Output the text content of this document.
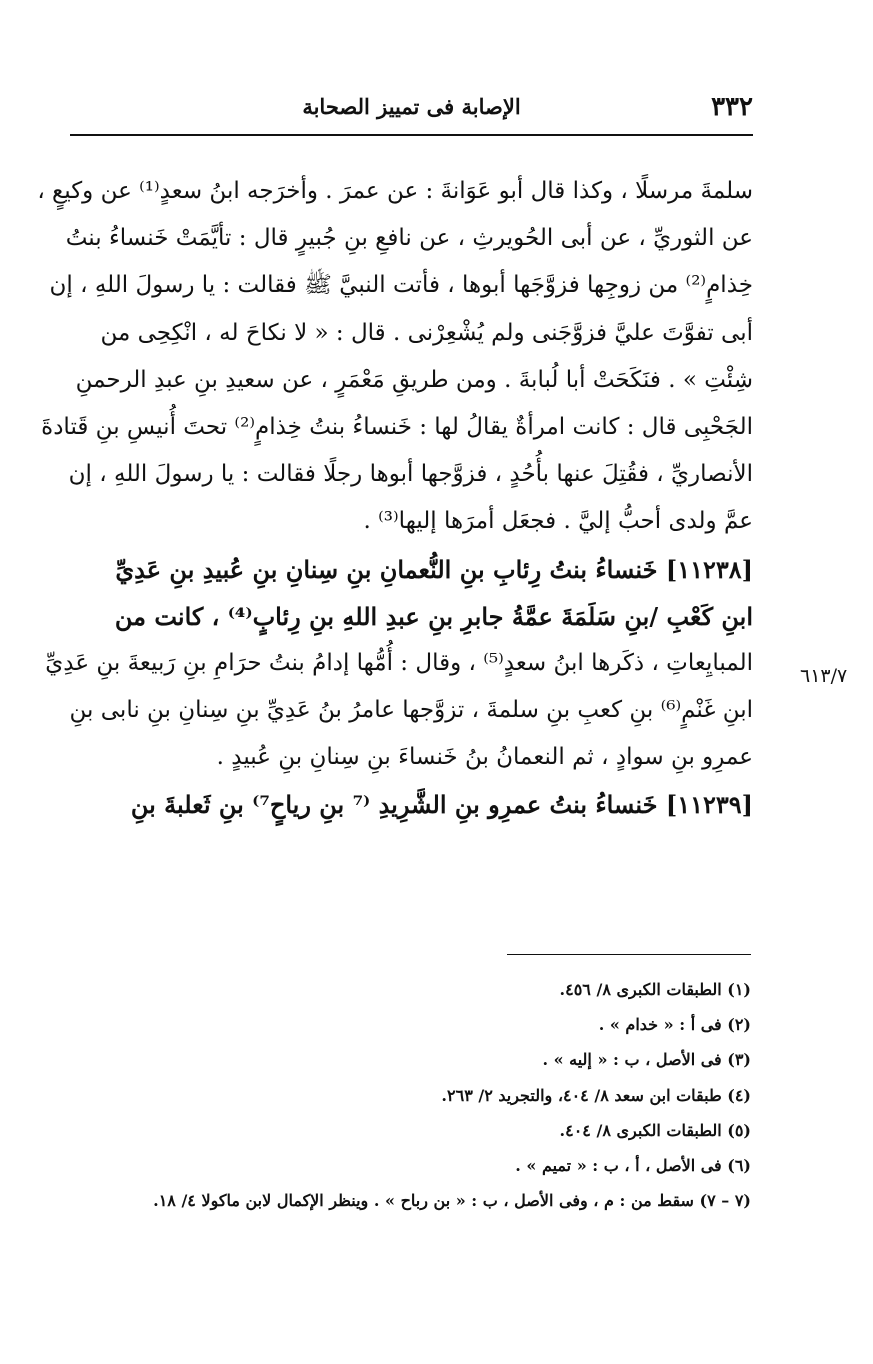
٣٣٢
الإصابة فى تمييز الصحابة
سلمةَ مرسلًا ، وكذا قال أبو عَوَانةَ : عن عمرَ . وأخرَجه ابنُ سعدٍ⁽¹⁾ عن وكيعٍ ،
عن الثوريِّ ، عن أبى الحُويرثِ ، عن نافعِ بنِ جُبيرٍ قال : تأيَّمَتْ خَنساءُ بنتُ
خِذامٍ⁽²⁾ من زوجِها فزوَّجَها أبوها ، فأتت النبيَّ ﷺ فقالت : يا رسولَ اللهِ ، إن
أبى تفوَّتَ عليَّ فزوَّجَنى ولم يُشْعِرْنى . قال : « لا نكاحَ له ، انْكِحِى من
شِئْتِ » . فنَكَحَتْ أبا لُبابةَ . ومن طريقِ مَعْمَرٍ ، عن سعيدِ بنِ عبدِ الرحمنِ
الجَحْبِى قال : كانت امرأةٌ يقالُ لها : خَنساءُ بنتُ خِذامٍ⁽²⁾ تحتَ أُنيسِ بنِ قَتادةَ
الأنصاريِّ ، فقُتِلَ عنها بأُحُدٍ ، فزوَّجها أبوها رجلًا فقالت : يا رسولَ اللهِ ، إن
عمَّ ولدى أحبُّ إليَّ . فجعَل أمرَها إليها⁽³⁾ .
[١١٢٣٨] خَنساءُ بنتُ رِئابِ بنِ النُّعمانِ بنِ سِنانِ بنِ عُبيدِ بنِ عَدِيِّ
ابنِ كَعْبِ /بنِ سَلَمَةَ عمَّةُ جابرِ بنِ عبدِ اللهِ بنِ رِئابٍ⁽⁴⁾ ، كانت من
المبايِعاتِ ، ذكَرها ابنُ سعدٍ⁽⁵⁾ ، وقال : أُمُّها إدامُ بنتُ حرَامِ بنِ رَبيعةَ بنِ عَدِيِّ
ابنِ غَنْمٍ⁽⁶⁾ بنِ كعبِ بنِ سلمةَ ، تزوَّجها عامرُ بنُ عَدِيِّ بنِ سِنانِ بنِ نابى بنِ
عمرِو بنِ سوادٍ ، ثم النعمانُ بنُ خَنساءَ بنِ سِنانِ بنِ عُبيدٍ .
[١١٢٣٩] خَنساءُ بنتُ عمرِو بنِ الشَّرِيدِ ⁽⁷ بنِ رياحٍ⁷⁾ بنِ ثَعلبةَ بنِ
٦١٣/٧
(١) الطبقات الكبرى ٨/ ٤٥٦.
(٢) فى أ : « خدام » .
(٣) فى الأصل ، ب : « إليه » .
(٤) طبقات ابن سعد ٨/ ٤٠٤، والتجريد ٢/ ٢٦٣.
(٥) الطبقات الكبرى ٨/ ٤٠٤.
(٦) فى الأصل ، أ ، ب : « تميم » .
(٧ – ٧) سقط من : م ، وفى الأصل ، ب : « بن رباح » . وينظر الإكمال لابن ماكولا ٤/ ١٨.
